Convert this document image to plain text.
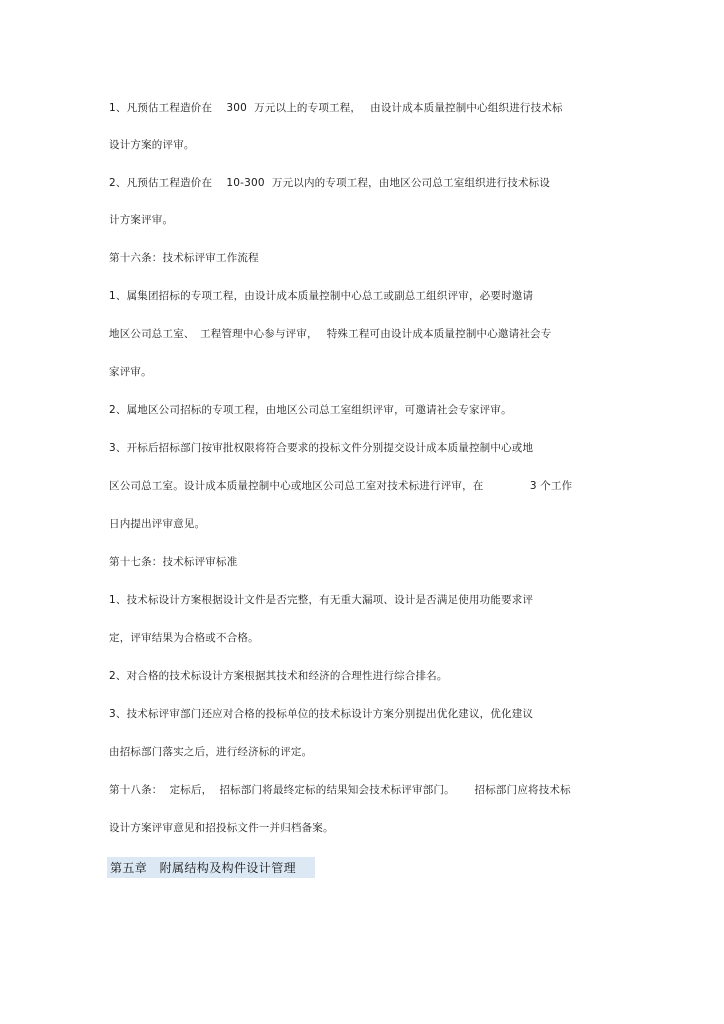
1、凡预估工程造价在　 300  万元以上的专项工程，　 由设计成本质量控制中心组织进行技术标
设计方案的评审。
2、凡预估工程造价在　 10-300  万元以内的专项工程，由地区公司总工室组织进行技术标设
计方案评审。
第十六条：技术标评审工作流程
1、属集团招标的专项工程，由设计成本质量控制中心总工或副总工组织评审，必要时邀请
地区公司总工室、　工程管理中心参与评审，　 特殊工程可由设计成本质量控制中心邀请社会专
家评审。
2、属地区公司招标的专项工程，由地区公司总工室组织评审，可邀请社会专家评审。
3、开标后招标部门按审批权限将符合要求的投标文件分别提交设计成本质量控制中心或地
区公司总工室。设计成本质量控制中心或地区公司总工室对技术标进行评审，在　　　　 3 个工作
日内提出评审意见。
第十七条：技术标评审标准
1、技术标设计方案根据设计文件是否完整，有无重大漏项、设计是否满足使用功能要求评
定，评审结果为合格或不合格。
2、对合格的技术标设计方案根据其技术和经济的合理性进行综合排名。
3、技术标评审部门还应对合格的投标单位的技术标设计方案分别提出优化建议，优化建议
由招标部门落实之后，进行经济标的评定。
第十八条：  定标后，  招标部门将最终定标的结果知会技术标评审部门。　　 招标部门应将技术标
设计方案评审意见和招投标文件一并归档备案。
第五章　附属结构及构件设计管理
